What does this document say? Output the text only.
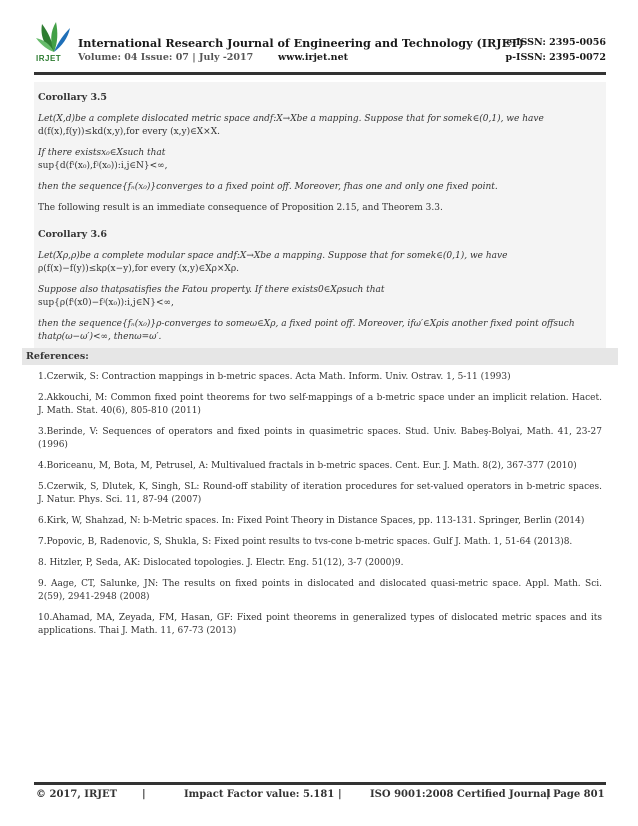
IRJET
International Research Journal of Engineering and Technology (IRJET)
e-ISSN: 2395-0056
Volume: 04 Issue: 07 | July -2017	www.irjet.net	p-ISSN: 2395-0072
Corollary 3.5
Let(X,d)be a complete dislocated metric space andf:X→Xbe a mapping. Suppose that for somek∈(0,1), we have
d(f(x),f(y))≤kd(x,y),for every (x,y)∈X×X.
If there existsx₀∈Xsuch that
sup{d(fⁱ(x₀),fʲ(x₀)):i,j∈N}<∞,
then the sequence{fₙ(x₀)}converges to a fixed point off. Moreover, fhas one and only one fixed point.
The following result is an immediate consequence of Proposition 2.15, and Theorem 3.3.
Corollary 3.6
Let(Xρ,ρ)be a complete modular space andf:X→Xbe a mapping. Suppose that for somek∈(0,1), we have
ρ(f(x)−f(y))≤kρ(x−y),for every (x,y)∈Xρ×Xρ.
Suppose also thatρsatisfies the Fatou property. If there exists0∈Xρsuch that
sup{ρ(fⁱ(x0)−fʲ(x₀)):i,j∈N}<∞,
then the sequence{fₙ(x₀)}ρ-converges to someω∈Xρ, a fixed point off. Moreover, ifω′∈Xρis another fixed point offsuch
thatρ(ω−ω′)<∞, thenω=ω′.
References:
1.Czerwik, S: Contraction mappings in b-metric spaces. Acta Math. Inform. Univ. Ostrav. 1, 5-11 (1993)
2.Akkouchi, M: Common fixed point theorems for two self-mappings of a b-metric space under an implicit relation. Hacet. J. Math. Stat. 40(6), 805-810 (2011)
3.Berinde, V: Sequences of operators and fixed points in quasimetric spaces. Stud. Univ. Babeş-Bolyai, Math. 41, 23-27 (1996)
4.Boriceanu, M, Bota, M, Petrusel, A: Multivalued fractals in b-metric spaces. Cent. Eur. J. Math. 8(2), 367-377 (2010)
5.Czerwik, S, Dlutek, K, Singh, SL: Round-off stability of iteration procedures for set-valued operators in b-metric spaces. J. Natur. Phys. Sci. 11, 87-94 (2007)
6.Kirk, W, Shahzad, N: b-Metric spaces. In: Fixed Point Theory in Distance Spaces, pp. 113-131. Springer, Berlin (2014)
7.Popovic, B, Radenovic, S, Shukla, S: Fixed point results to tvs-cone b-metric spaces. Gulf J. Math. 1, 51-64 (2013)8.
8. Hitzler, P, Seda, AK: Dislocated topologies. J. Electr. Eng. 51(12), 3-7 (2000)9.
9. Aage, CT, Salunke, JN: The results on fixed points in dislocated and dislocated quasi-metric space. Appl. Math. Sci. 2(59), 2941-2948 (2008)
10.Ahamad, MA, Zeyada, FM, Hasan, GF: Fixed point theorems in generalized types of dislocated metric spaces and its applications. Thai J. Math. 11, 67-73 (2013)
© 2017, IRJET |	Impact Factor value: 5.181 |	ISO 9001:2008 Certified Journal
| Page 801
